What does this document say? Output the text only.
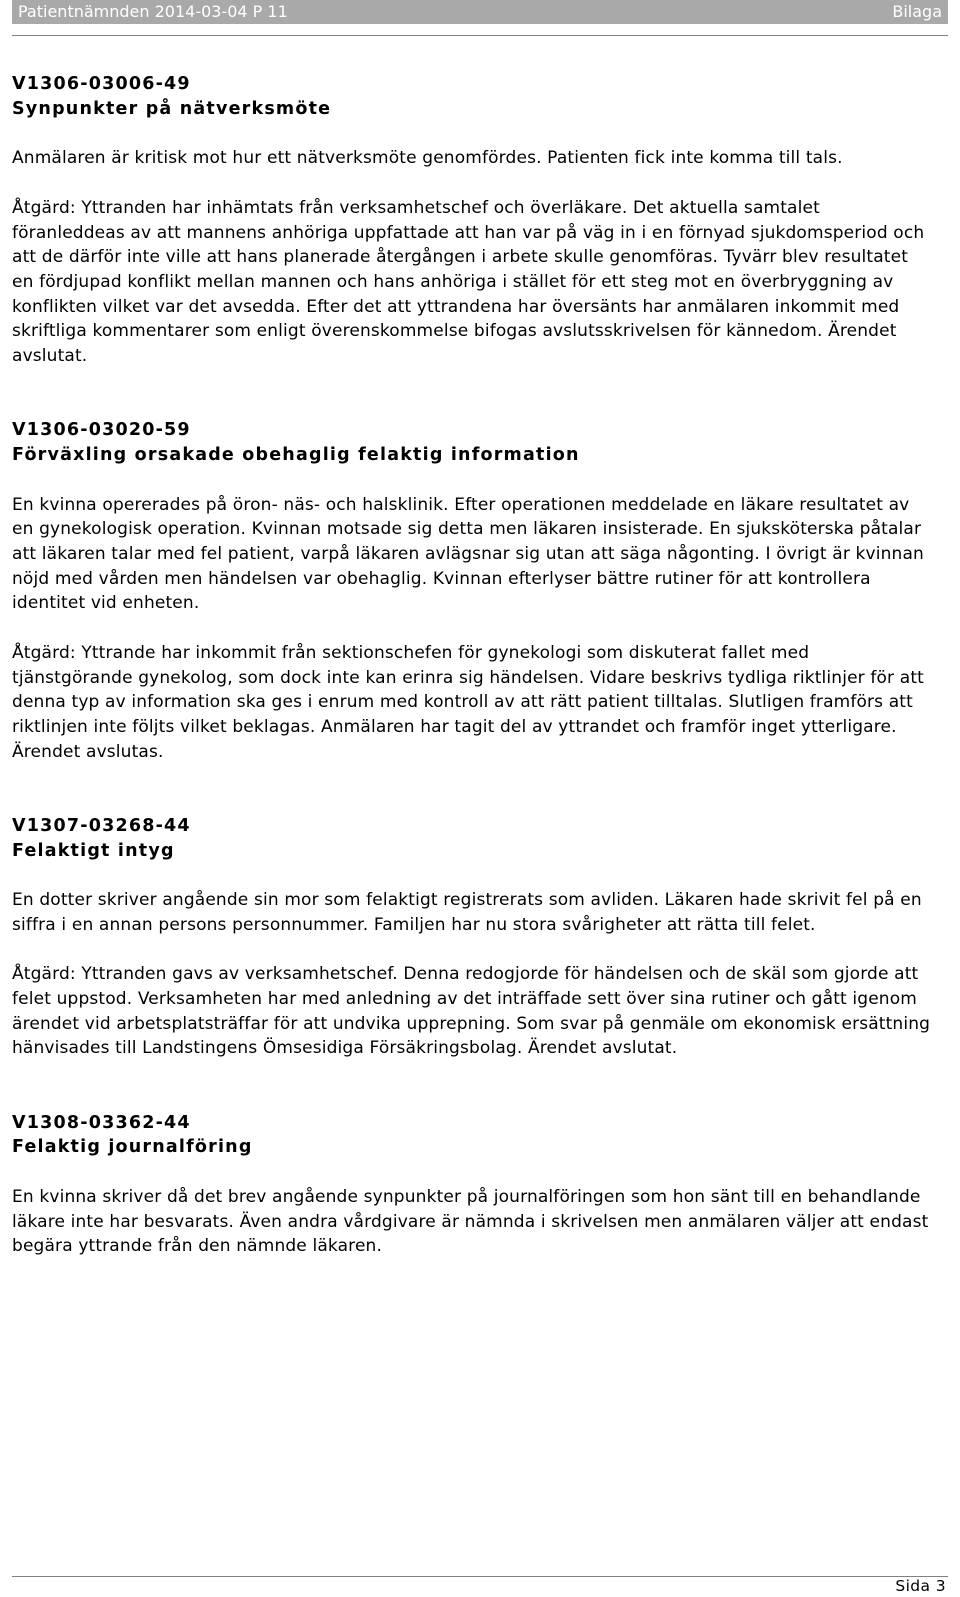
Patientnämnden 2014-03-04 P 11	Bilaga

V1306-03006-49

Synpunkter på nätverksmöte

Anmälaren är kritisk mot hur ett nätverksmöte genomfördes. Patienten fick inte komma till tals.

Åtgärd: Yttranden har inhämtats från verksamhetschef och överläkare. Det aktuella samtalet föranleddeas av att mannens anhöriga uppfattade att han var på väg in i en förnyad sjukdomsperiod och att de därför inte ville att hans planerade återgången i arbete skulle genomföras. Tyvärr blev resultatet en fördjupad konflikt mellan mannen och hans anhöriga i stället för ett steg mot en överbryggning av konflikten vilket var det avsedda. Efter det att yttrandena har översänts har anmälaren inkommit med skriftliga kommentarer som enligt överenskommelse bifogas avslutsskrivelsen för kännedom. Ärendet avslutat.

V1306-03020-59

Förväxling orsakade obehaglig felaktig information

En kvinna opererades på öron- näs- och halsklinik. Efter operationen meddelade en läkare resultatet av en gynekologisk operation. Kvinnan motsade sig detta men läkaren insisterade. En sjuksköterska påtalar att läkaren talar med fel patient, varpå läkaren avlägsnar sig utan att säga någonting. I övrigt är kvinnan nöjd med vården men händelsen var obehaglig. Kvinnan efterlyser bättre rutiner för att kontrollera identitet vid enheten.

Åtgärd: Yttrande har inkommit från sektionschefen för gynekologi som diskuterat fallet med tjänstgörande gynekolog, som dock inte kan erinra sig händelsen. Vidare beskrivs tydliga riktlinjer för att denna typ av information ska ges i enrum med kontroll av att rätt patient tilltalas. Slutligen framförs att riktlinjen inte följts vilket beklagas. Anmälaren har tagit del av yttrandet och framför inget ytterligare. Ärendet avslutas.

V1307-03268-44

Felaktigt intyg

En dotter skriver angående sin mor som felaktigt registrerats som avliden. Läkaren hade skrivit fel på en siffra i en annan persons personnummer. Familjen har nu stora svårigheter att rätta till felet.

Åtgärd: Yttranden gavs av verksamhetschef. Denna redogjorde för händelsen och de skäl som gjorde att felet uppstod. Verksamheten har med anledning av det inträffade sett över sina rutiner och gått igenom ärendet vid arbetsplatsträffar för att undvika upprepning. Som svar på genmäle om ekonomisk ersättning hänvisades till Landstingens Ömsesidiga Försäkringsbolag. Ärendet avslutat.

V1308-03362-44

Felaktig journalföring

En kvinna skriver då det brev angående synpunkter på journalföringen som hon sänt till en behandlande läkare inte har besvarats. Även andra vårdgivare är nämnda i skrivelsen men anmälaren väljer att endast begära yttrande från den nämnde läkaren.

Sida 3
